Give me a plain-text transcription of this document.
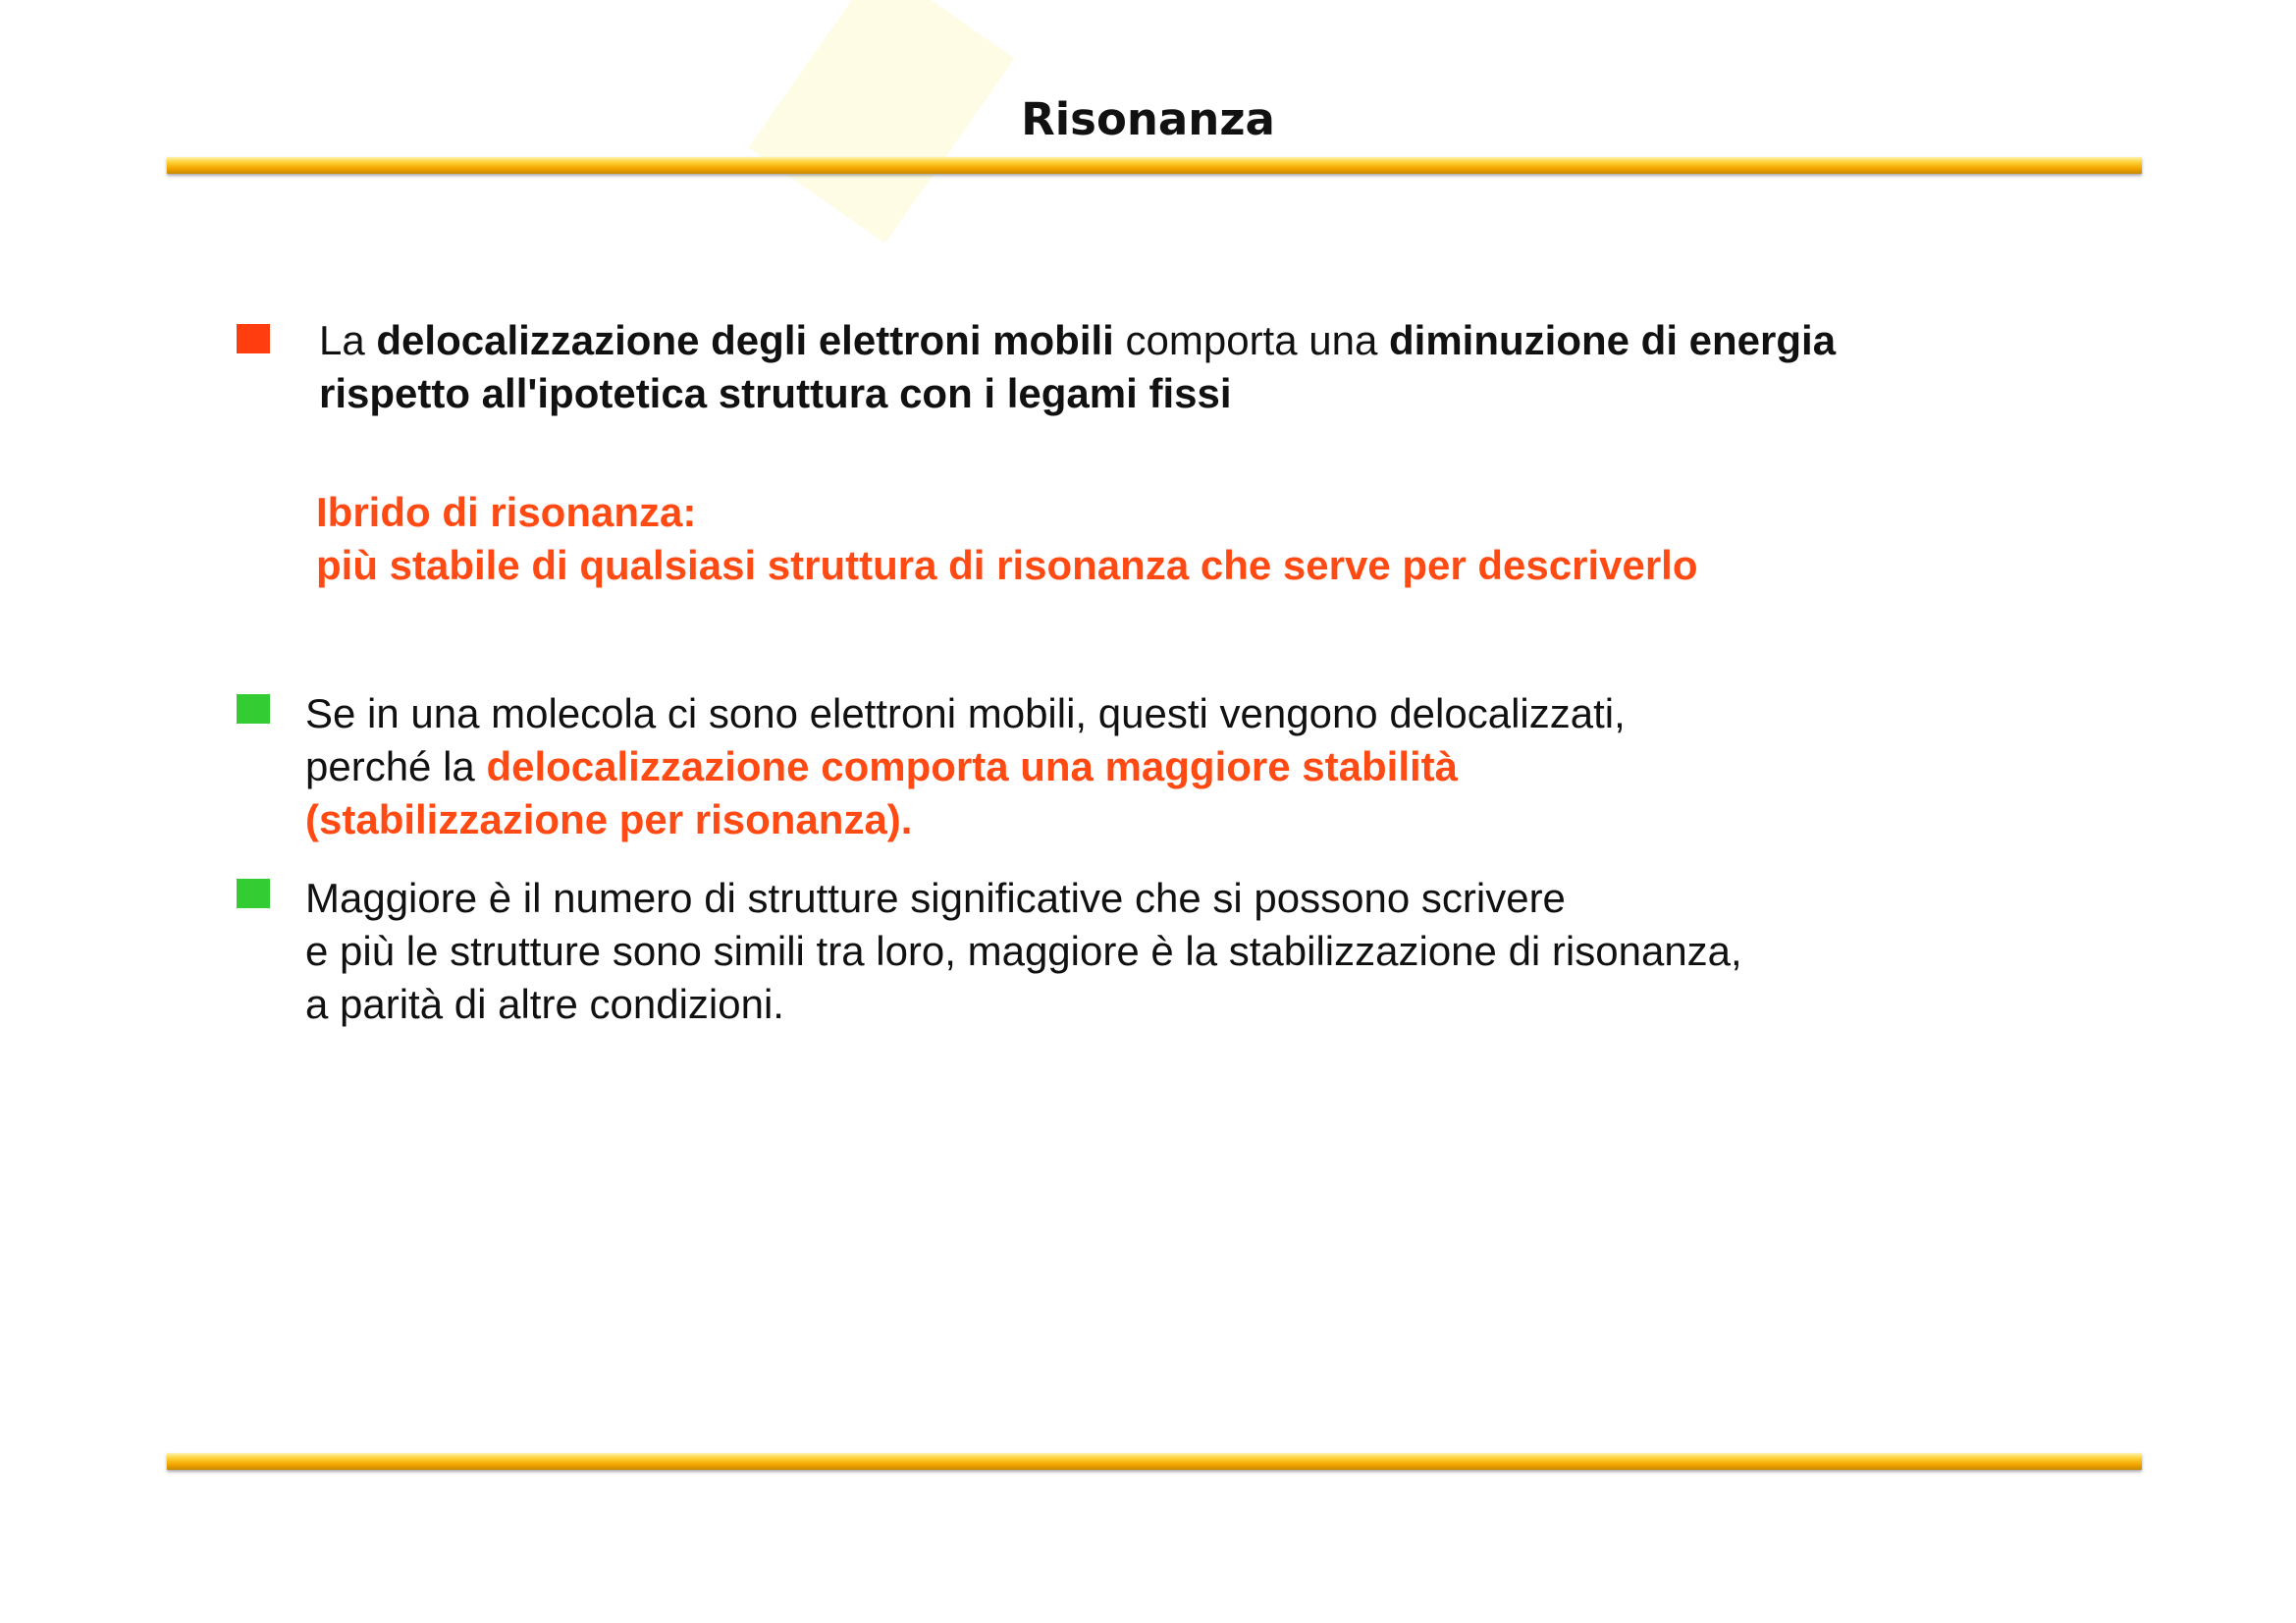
Risonanza
La delocalizzazione degli elettroni mobili comporta una diminuzione di energia
rispetto all'ipotetica struttura con i legami fissi
Ibrido di risonanza:
più stabile di qualsiasi struttura di risonanza che serve per descriverlo
Se in una molecola ci sono elettroni mobili, questi vengono delocalizzati,
perché la delocalizzazione comporta una maggiore stabilità
(stabilizzazione per risonanza).
Maggiore è il numero di strutture significative che si possono scrivere
e più le strutture sono simili tra loro, maggiore è la stabilizzazione di risonanza,
a parità di altre condizioni.
